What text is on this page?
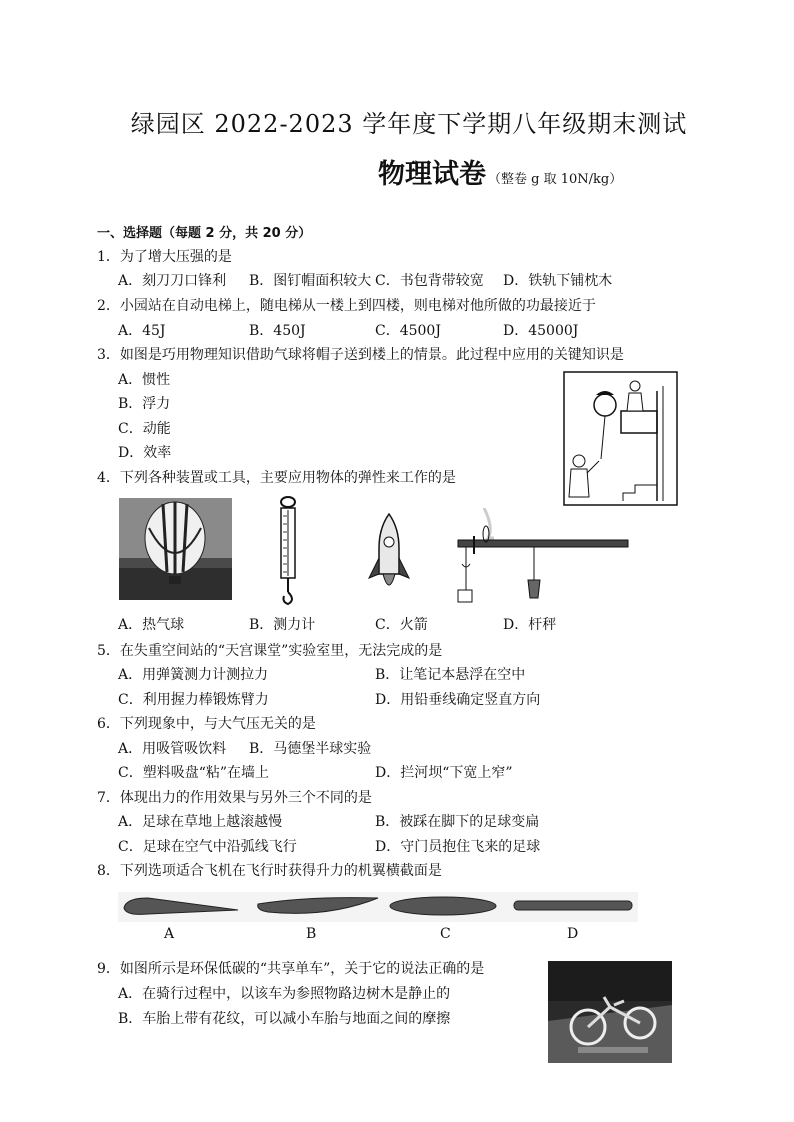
绿园区 2022-2023 学年度下学期八年级期末测试
物理试卷 （整卷 g 取 10N/kg）
一、选择题（每题 2 分，共 20 分）
1．为了增大压强的是
A．刻刀刀口锋利 B．图钉帽面积较大 C．书包背带较宽 D．铁轨下铺枕木
2．小园站在自动电梯上，随电梯从一楼上到四楼，则电梯对他所做的功最接近于
A．45J	B．450J	C．4500J	D．45000J
3．如图是巧用物理知识借助气球将帽子送到楼上的情景。此过程中应用的关键知识是
A．惯性
B．浮力
C．动能
D．效率
4．下列各种装置或工具，主要应用物体的弹性来工作的是
A．热气球	B．测力计	C．火箭	D．杆秤
5．在失重空间站的“天宫课堂”实验室里，无法完成的是
A．用弹簧测力计测拉力	B．让笔记本悬浮在空中
C．利用握力棒锻炼臂力	D．用铅垂线确定竖直方向
6．下列现象中，与大气压无关的是
A．用吸管吸饮料 B．马德堡半球实验
C．塑料吸盘“粘”在墙上	D．拦河坝“下宽上窄”
7．体现出力的作用效果与另外三个不同的是
A．足球在草地上越滚越慢	B．被踩在脚下的足球变扁
C．足球在空气中沿弧线飞行	D．守门员抱住飞来的足球
8．下列选项适合飞机在飞行时获得升力的机翼横截面是
A	B	C	D
9．如图所示是环保低碳的“共享单车”，关于它的说法正确的是
A．在骑行过程中，以该车为参照物路边树木是静止的
B．车胎上带有花纹，可以减小车胎与地面之间的摩擦
